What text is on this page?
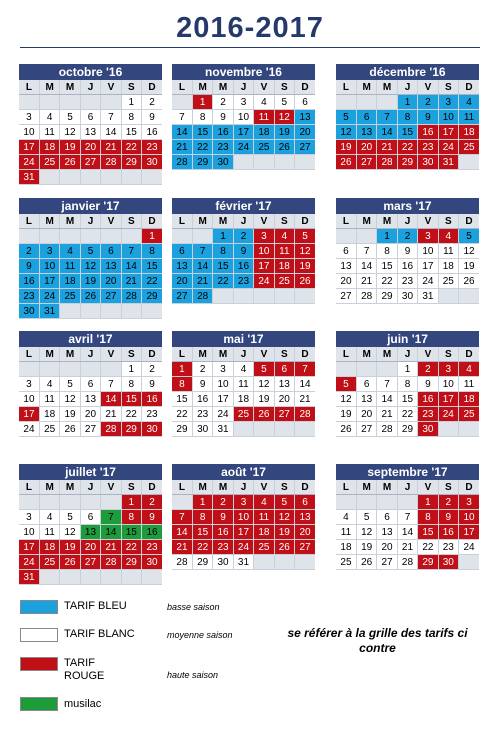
2016-2017
octobre '16
L	M	M	J	V	S	D
					1	2
3	4	5	6	7	8	9
10	11	12	13	14	15	16
17	18	19	20	21	22	23
24	25	26	27	28	29	30
31						
novembre '16
L	M	M	J	V	S	D
	1	2	3	4	5	6
7	8	9	10	11	12	13
14	15	16	17	18	19	20
21	22	23	24	25	26	27
28	29	30				
décembre '16
L	M	M	J	V	S	D
			1	2	3	4
5	6	7	8	9	10	11
12	13	14	15	16	17	18
19	20	21	22	23	24	25
26	27	28	29	30	31	
janvier '17
L	M	M	J	V	S	D
						1
2	3	4	5	6	7	8
9	10	11	12	13	14	15
16	17	18	19	20	21	22
23	24	25	26	27	28	29
30	31					
février '17
L	M	M	J	V	S	D
		1	2	3	4	5
6	7	8	9	10	11	12
13	14	15	16	17	18	19
20	21	22	23	24	25	26
27	28					
mars '17
L	M	M	J	V	S	D
		1	2	3	4	5
6	7	8	9	10	11	12
13	14	15	16	17	18	19
20	21	22	23	24	25	26
27	28	29	30	31		
avril '17
L	M	M	J	V	S	D
					1	2
3	4	5	6	7	8	9
10	11	12	13	14	15	16
17	18	19	20	21	22	23
24	25	26	27	28	29	30
mai '17
L	M	M	J	V	S	D
1	2	3	4	5	6	7
8	9	10	11	12	13	14
15	16	17	18	19	20	21
22	23	24	25	26	27	28
29	30	31				
juin '17
L	M	M	J	V	S	D
			1	2	3	4
5	6	7	8	9	10	11
12	13	14	15	16	17	18
19	20	21	22	23	24	25
26	27	28	29	30		
juillet '17
L	M	M	J	V	S	D
					1	2
3	4	5	6	7	8	9
10	11	12	13	14	15	16
17	18	19	20	21	22	23
24	25	26	27	28	29	30
31						
août '17
L	M	M	J	V	S	D
	1	2	3	4	5	6
7	8	9	10	11	12	13
14	15	16	17	18	19	20
21	22	23	24	25	26	27
28	29	30	31			
septembre '17
L	M	M	J	V	S	D
				1	2	3
4	5	6	7	8	9	10
11	12	13	14	15	16	17
18	19	20	21	22	23	24
25	26	27	28	29	30	
TARIF BLEU	basse saison
TARIF BLANC	moyenne saison
TARIF ROUGE	haute saison
musilac
se référer à la grille des tarifs ci contre
